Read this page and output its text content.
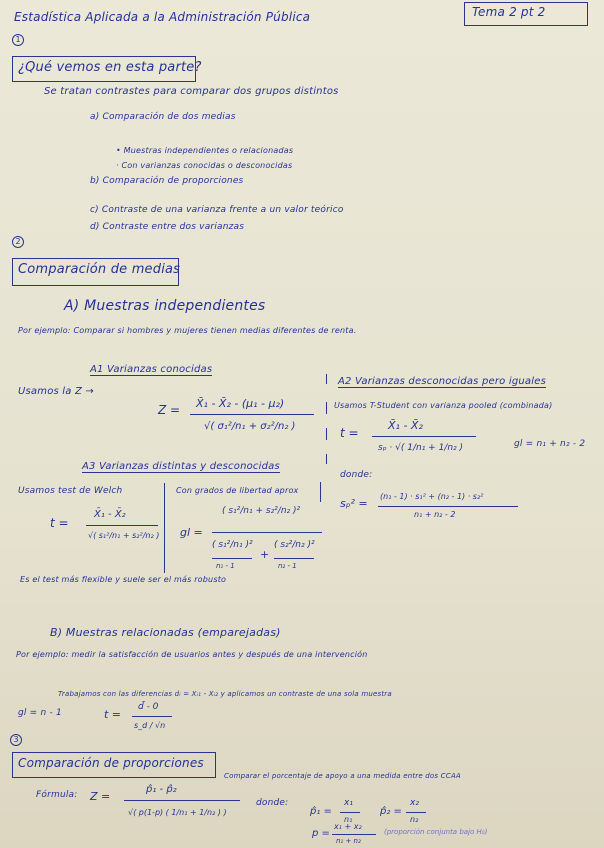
Estadística Aplicada a la Administración Pública	Tema 2 pt 2
1
¿Qué vemos en esta parte?
Se tratan contrastes para comparar dos grupos distintos
a) Comparación de dos medias
• Muestras independientes o relacionadas
· Con varianzas conocidas o desconocidas
b) Comparación de proporciones
c) Contraste de una varianza frente a un valor teórico
d) Contraste entre dos varianzas
2
Comparación de medias
A) Muestras independientes
Por ejemplo: Comparar si hombres y mujeres tienen medias diferentes de renta.
A1 Varianzas conocidas
Usamos la Z →
Z = X̄₁ - X̄₂ - (μ₁ - μ₂)
√( σ₁²/n₁ + σ₂²/n₂ )
A2 Varianzas desconocidas pero iguales
Usamos T-Student con varianza pooled (combinada)
t =
X̄₁ - X̄₂
sₚ · √( 1/n₁ + 1/n₂ )	gl = n₁ + n₂ - 2
donde:
sₚ² =
(n₁ - 1) · s₁² + (n₂ - 1) · s₂²
n₁ + n₂ - 2
A3 Varianzas distintas y desconocidas
Usamos test de Welch
t =
X̄₁ - X̄₂
√( s₁²/n₁ + s₂²/n₂ )
Con grados de libertad aprox
gl =
( s₁²/n₁ + s₂²/n₂ )²
( s₁²/n₁ )²
n₁ - 1
+
( s₂²/n₂ )²
n₂ - 1
Es el test más flexible y suele ser el más robusto
B) Muestras relacionadas (emparejadas)
Por ejemplo: medir la satisfacción de usuarios antes y después de una intervención
Trabajamos con las diferencias dᵢ = Xᵢ₁ - Xᵢ₂ y aplicamos un contraste de una sola muestra
gl = n - 1	t =
d̄ - 0
s_d / √n
3
Comparación de proporciones
Comparar el porcentaje de apoyo a una medida entre dos CCAA
Fórmula: Z =
p̂₁ - p̂₂
√( p(1-p) ( 1/n₁ + 1/n₂ ) )
donde:
p̂₁ =
x₁
n₁
p̂₂ =
x₂
n₂
p =
x₁ + x₂
n₁ + n₂
(proporción conjunta bajo H₀)
